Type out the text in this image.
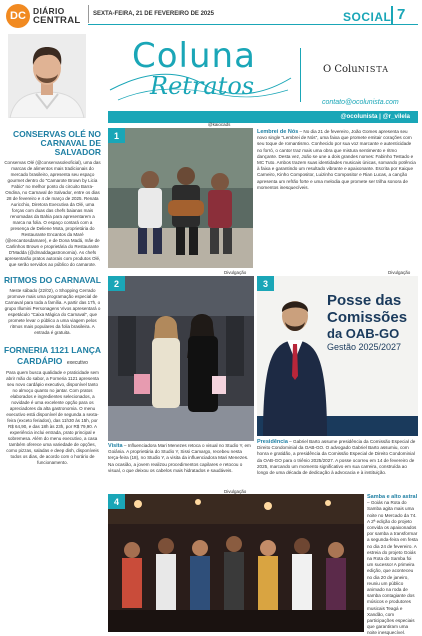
DC DIÁRIO
CENTRAL
SEXTA-FEIRA, 21 DE FEVEREIRO DE 2025	SOCIAL 7
Coluna
Retratos
O ColuNISTA
contato@ocolunista.com
@ocolunista | @r_vilela
CONSERVAS OLÉ NO CARNAVAL DE SALVADOR
Conservas Olé (@conservasoleoficial), uma das marcas de alimentos mais tradicionais do mercado brasileiro, apresenta seu espaço gourmet dentro do "Camarote Brown by Licia Fabio" no melhor ponto do circuito Barra-Ondina, no Carnaval de Salvador, entre os dias 28 de fevereiro e 4 de março de 2025. Renata Auricchio, Diretora Executiva da Olé, uma forças com duas das chefs baianas mais renomadas da Bahia para apresentarem a marca na folia. O espaço contará com a presença de Deliene Mota, proprietária do Restaurante Encantos da Maré (@encantosdamare), e de Dona Madá, mãe de Carlinhos Brown e proprietária do Restaurante D'Madda (@dmaddagastronomia). As chefs apresentarão pratos autorais com produtos Olé, que serão servidos ao público do camarote.
RITMOS DO CARNAVAL
Neste sábado (22/02), o Shopping Cerrado promove mais uma programação especial de Carnaval para toda a família. A partir das 17h, o grupo Illumini Personagens Vivos apresentará o espetáculo "Caixa Mágica do Carnaval", que promete levar o público a uma viagem pelos ritmos mais populares da folia brasileira. A entrada é gratuita.
FORNERIA 1121 LANÇA CARDÁPIO executivo
Para quem busca qualidade e praticidade sem abrir mão do sabor, a Forneria 1121 apresenta seu novo cardápio executivo, disponível tanto no almoço quanto no jantar. Com pratos elaborados e ingredientes selecionados, a novidade é uma excelente opção para os apreciadores da alta gastronomia. O menu executivo está disponível de segunda a sexta-feira (exceto feriados), das 11h30 às 15h, por R$ 64,90, e das 18h às 23h, por R$ 79,90. A experiência inclui entrada, prato principal e sobremesa. Além do menu executivo, a casa também oferece uma variedade de opções, como pizzas, saladas e deep dish, disponíveis todos os dias, de acordo com o horário de funcionamento.
1
@kaiocads
Lembrei de Nós – No dia 21 de fevereiro, João Gomes apresenta seu novo single "Lembrei de Nós", uma faixa que promete emitair corações com seu toque de romantismo. Conhecido por sua voz marcante e autenticidade no forró, o cantor traz mais uma obra que mistura sentimento e ritmo dançante. Desta vez, João se une a dois grandes nomes: Fabinho Testado e MC Tuto. Ambos trazem suas identidades musicais únicas, somando potência à faixa e garantindo um resultado vibrante e apaixonante. Escrita por Kaique Carneiro, Kinho Compositor, Luizinho Compositor e Rian Lucas, a canção apresenta um refrão forte e uma melodia que promete ser trilha sonora de momentos inesquecíveis.
Divulgação
2
Visita – Influenciadora Mari Menezes retoca o visual no Studio Y, em Goiânia. A proprietária do Studio Y, Sissi Camargo, recebeu nesta terça-feira (18), no Studio Y, a visita da influenciadora Mari Menezes. Na ocasião, a jovem realizou procedimentos capilares e retocou o visual, o que deixou os cabelos mais hidratados e saudáveis.
Divulgação
Posse das
Comissões
da OAB-GO
Gestão 2025/2027
3
Presidência – Gabriel Barto assume presidência da Comissão Especial de Direito Condominial da OAB-GO. O advogado Gabriel Barto assumiu, com honra e gratidão, a presidência da Comissão Especial de Direito Condominial da OAB-GO para o triênio 2025/2027. A posse ocorreu em 14 de fevereiro de 2025, marcando um momento significativo em sua carreira, construída ao longo de uma década de dedicação à advocacia e à instituição.
Divulgação
4	Samba e alto astral – Goiás na Rota do Samba agita mais uma noite no Mercado da 74. A 2ª edição do projeto convida os apaixonados por samba a transformar a segunda-feira em festa no dia 24 de fevereiro. A estreia do projeto Goiás na Rota do Samba foi um sucesso! A primeira edição, que aconteceu no dia 20 de janeiro, reuniu um público animado na roda de samba contagiante dos músicos e produtores musicais Teagá e Xandão, com participações especiais que garantiram uma noite inesquecível.
